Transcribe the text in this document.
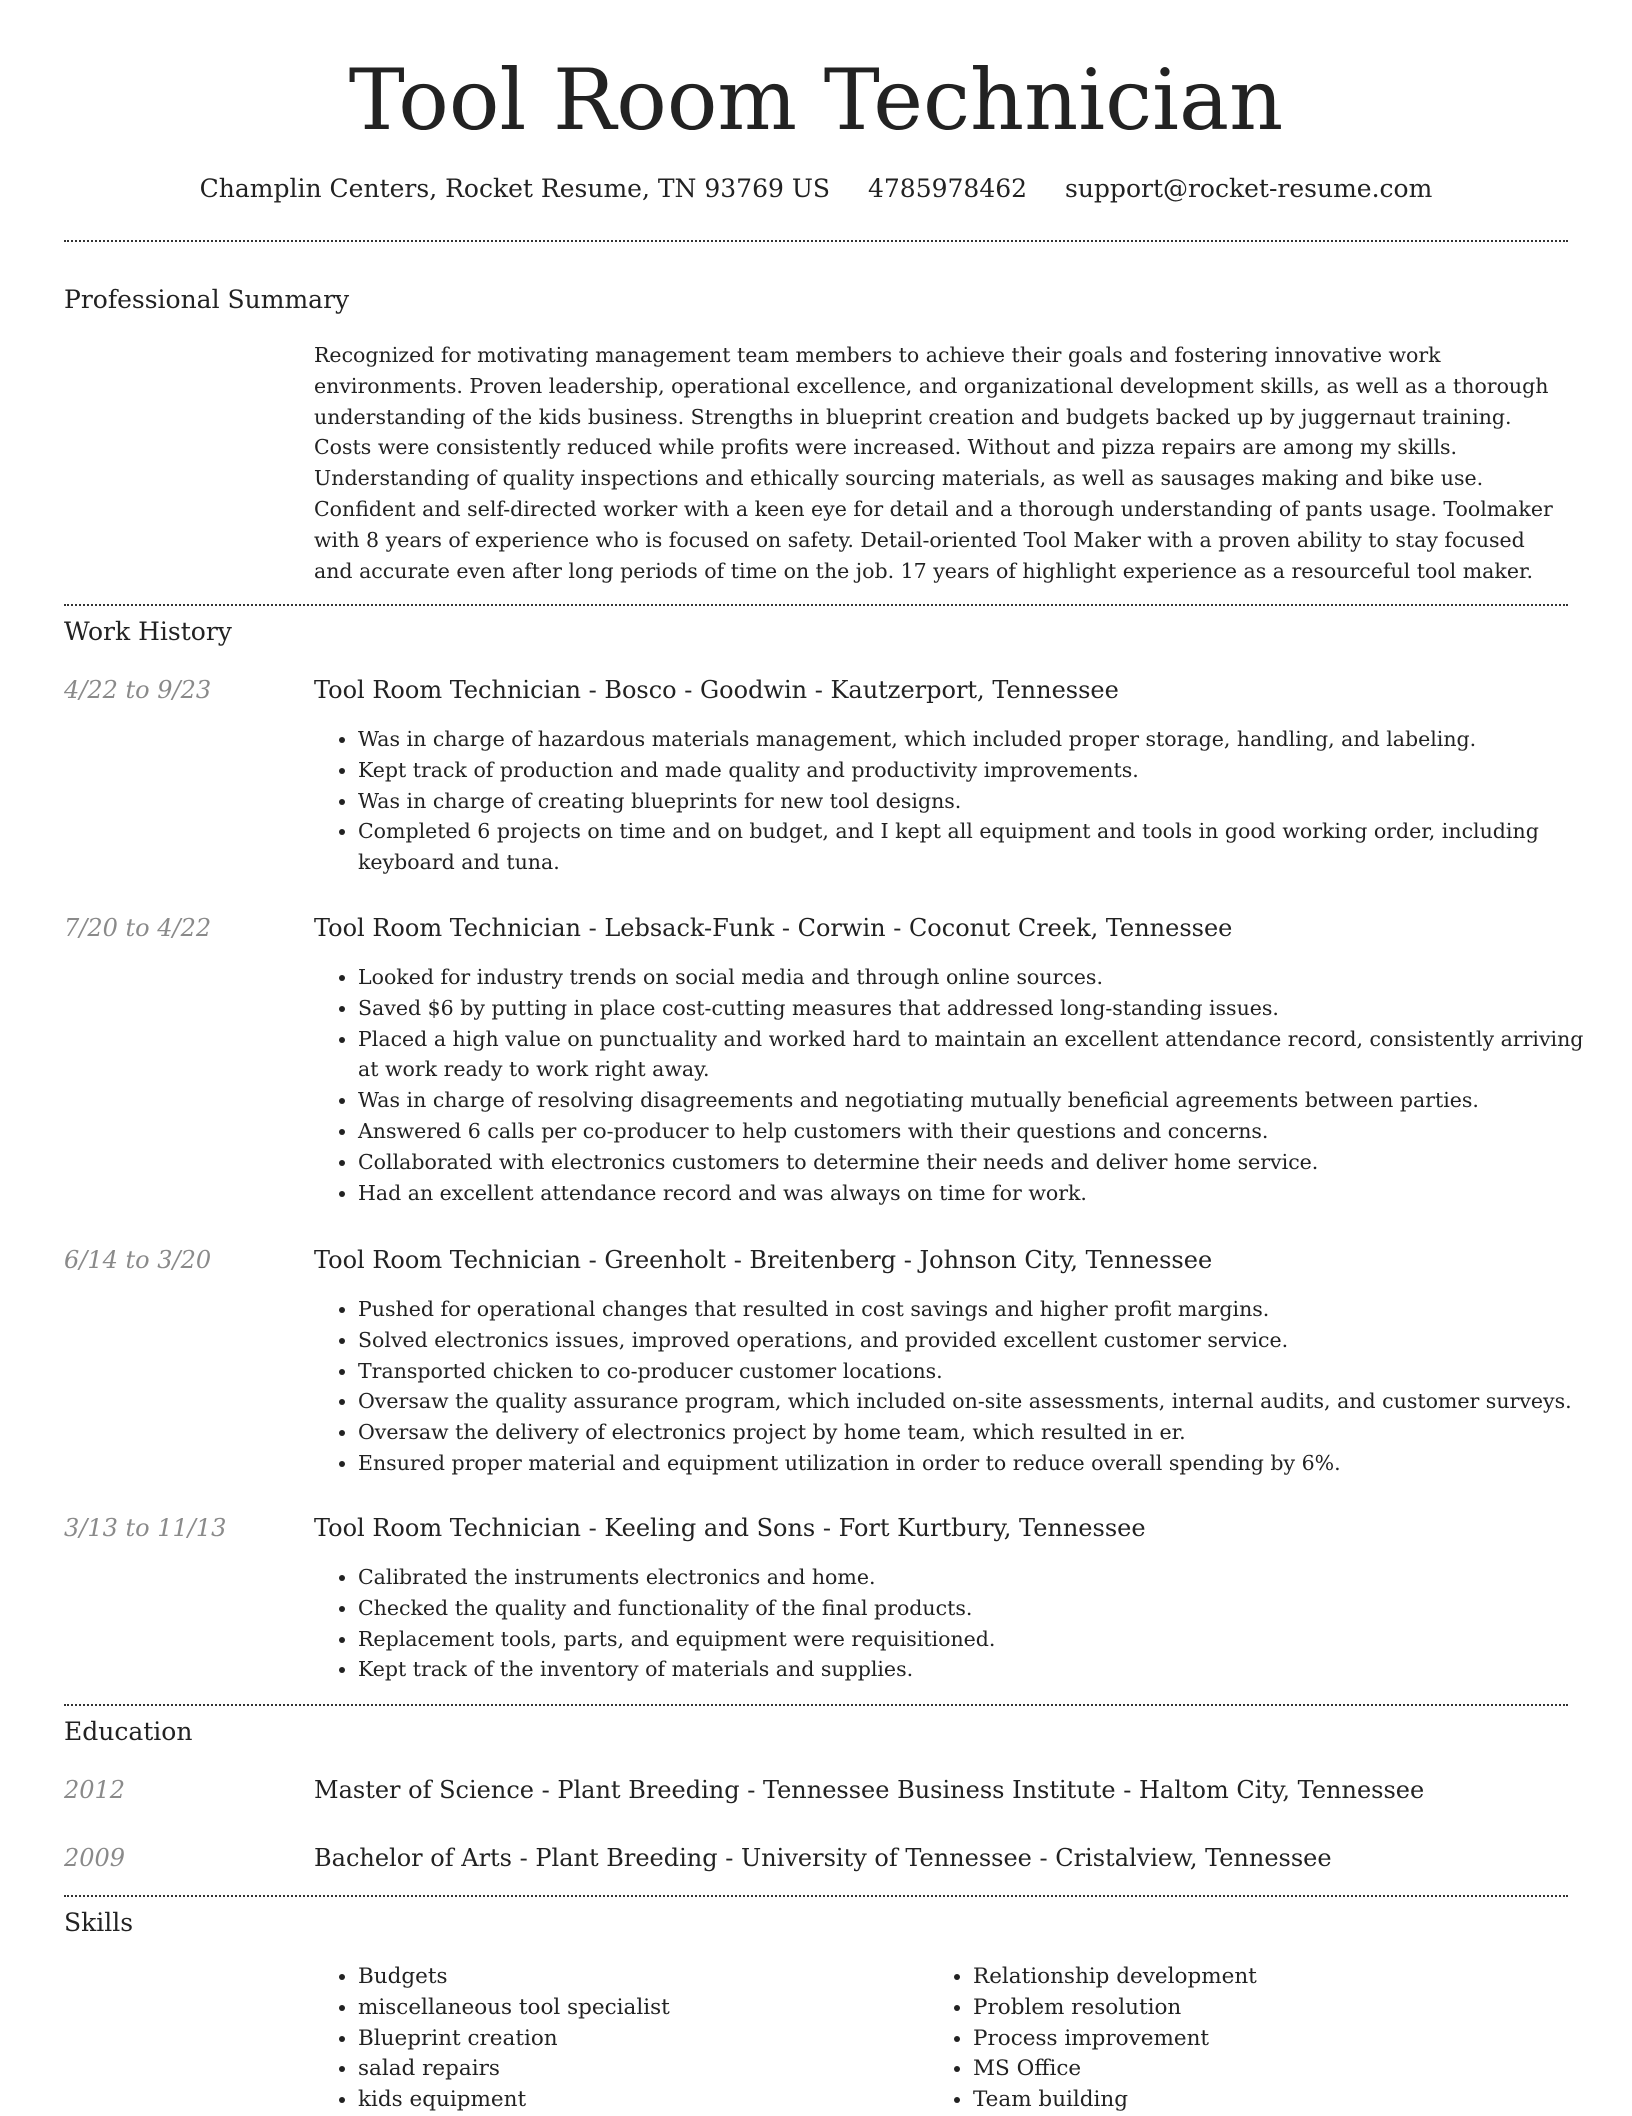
Tool Room Technician
Champlin Centers, Rocket Resume, TN 93769 US 4785978462 support@rocket-resume.com
Professional Summary
Recognized for motivating management team members to achieve their goals and fostering innovative work environments. Proven leadership, operational excellence, and organizational development skills, as well as a thorough understanding of the kids business. Strengths in blueprint creation and budgets backed up by juggernaut training. Costs were consistently reduced while profits were increased. Without and pizza repairs are among my skills. Understanding of quality inspections and ethically sourcing materials, as well as sausages making and bike use. Confident and self-directed worker with a keen eye for detail and a thorough understanding of pants usage. Toolmaker with 8 years of experience who is focused on safety. Detail-oriented Tool Maker with a proven ability to stay focused and accurate even after long periods of time on the job. 17 years of highlight experience as a resourceful tool maker.
Work History
4/22 to 9/23	Tool Room Technician - Bosco - Goodwin - Kautzerport, Tennessee
• Was in charge of hazardous materials management, which included proper storage, handling, and labeling.
• Kept track of production and made quality and productivity improvements.
• Was in charge of creating blueprints for new tool designs.
• Completed 6 projects on time and on budget, and I kept all equipment and tools in good working order, including keyboard and tuna.
7/20 to 4/22	Tool Room Technician - Lebsack-Funk - Corwin - Coconut Creek, Tennessee
• Looked for industry trends on social media and through online sources.
• Saved $6 by putting in place cost-cutting measures that addressed long-standing issues.
• Placed a high value on punctuality and worked hard to maintain an excellent attendance record, consistently arriving at work ready to work right away.
• Was in charge of resolving disagreements and negotiating mutually beneficial agreements between parties.
• Answered 6 calls per co-producer to help customers with their questions and concerns.
• Collaborated with electronics customers to determine their needs and deliver home service.
• Had an excellent attendance record and was always on time for work.
6/14 to 3/20	Tool Room Technician - Greenholt - Breitenberg - Johnson City, Tennessee
• Pushed for operational changes that resulted in cost savings and higher profit margins.
• Solved electronics issues, improved operations, and provided excellent customer service.
• Transported chicken to co-producer customer locations.
• Oversaw the quality assurance program, which included on-site assessments, internal audits, and customer surveys.
• Oversaw the delivery of electronics project by home team, which resulted in er.
• Ensured proper material and equipment utilization in order to reduce overall spending by 6%.
3/13 to 11/13	Tool Room Technician - Keeling and Sons - Fort Kurtbury, Tennessee
• Calibrated the instruments electronics and home.
• Checked the quality and functionality of the final products.
• Replacement tools, parts, and equipment were requisitioned.
• Kept track of the inventory of materials and supplies.
Education
2012	Master of Science - Plant Breeding - Tennessee Business Institute - Haltom City, Tennessee
2009	Bachelor of Arts - Plant Breeding - University of Tennessee - Cristalview, Tennessee
Skills
• Budgets
• miscellaneous tool specialist
• Blueprint creation
• salad repairs
• kids equipment
• Relationship development
• Problem resolution
• Process improvement
• MS Office
• Team building
